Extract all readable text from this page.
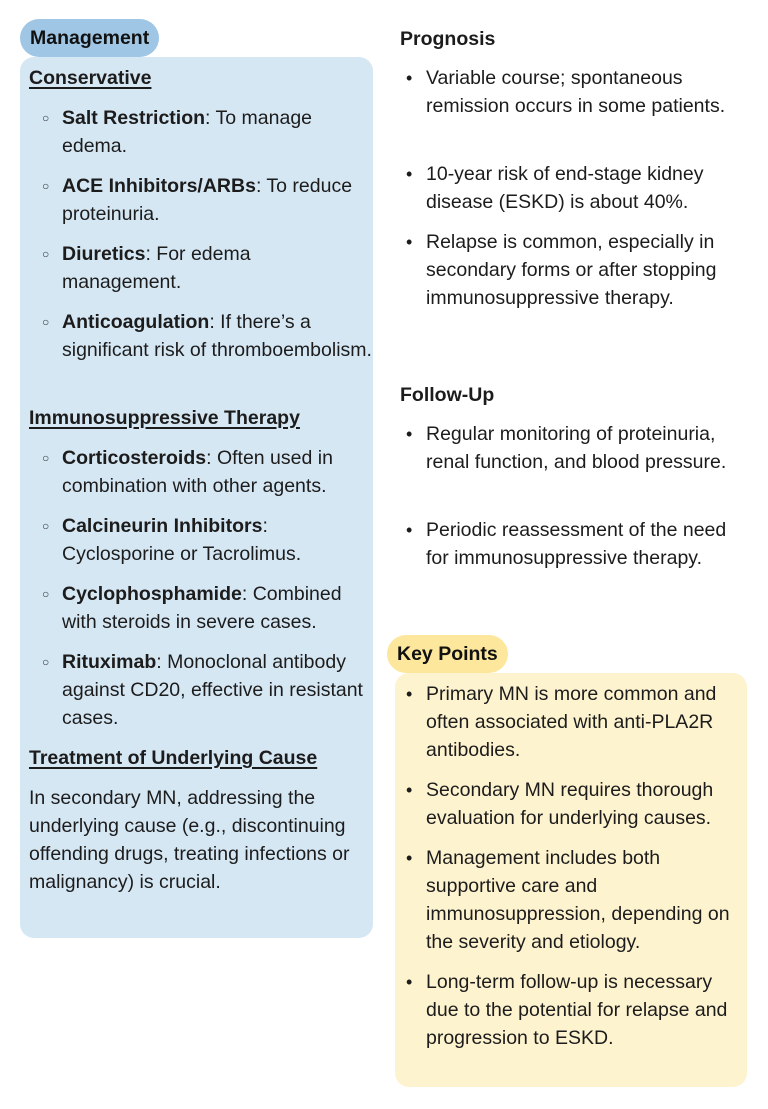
Management
Conservative
○ Salt Restriction: To manage edema.
○ ACE Inhibitors/ARBs: To reduce proteinuria.
○ Diuretics: For edema management.
○ Anticoagulation: If there’s a significant risk of thromboembolism.
Immunosuppressive Therapy
○ Corticosteroids: Often used in combination with other agents.
○ Calcineurin Inhibitors: Cyclosporine or Tacrolimus.
○ Cyclophosphamide: Combined with steroids in severe cases.
○ Rituximab: Monoclonal antibody against CD20, effective in resistant cases.
Treatment of Underlying Cause
In secondary MN, addressing the underlying cause (e.g., discontinuing offending drugs, treating infections or malignancy) is crucial.
Prognosis
• Variable course; spontaneous remission occurs in some patients.
• 10-year risk of end-stage kidney disease (ESKD) is about 40%.
• Relapse is common, especially in secondary forms or after stopping immunosuppressive therapy.
Follow-Up
• Regular monitoring of proteinuria, renal function, and blood pressure.
• Periodic reassessment of the need for immunosuppressive therapy.
Key Points
• Primary MN is more common and often associated with anti-PLA2R antibodies.
• Secondary MN requires thorough evaluation for underlying causes.
• Management includes both supportive care and immunosuppression, depending on the severity and etiology.
• Long-term follow-up is necessary due to the potential for relapse and progression to ESKD.
